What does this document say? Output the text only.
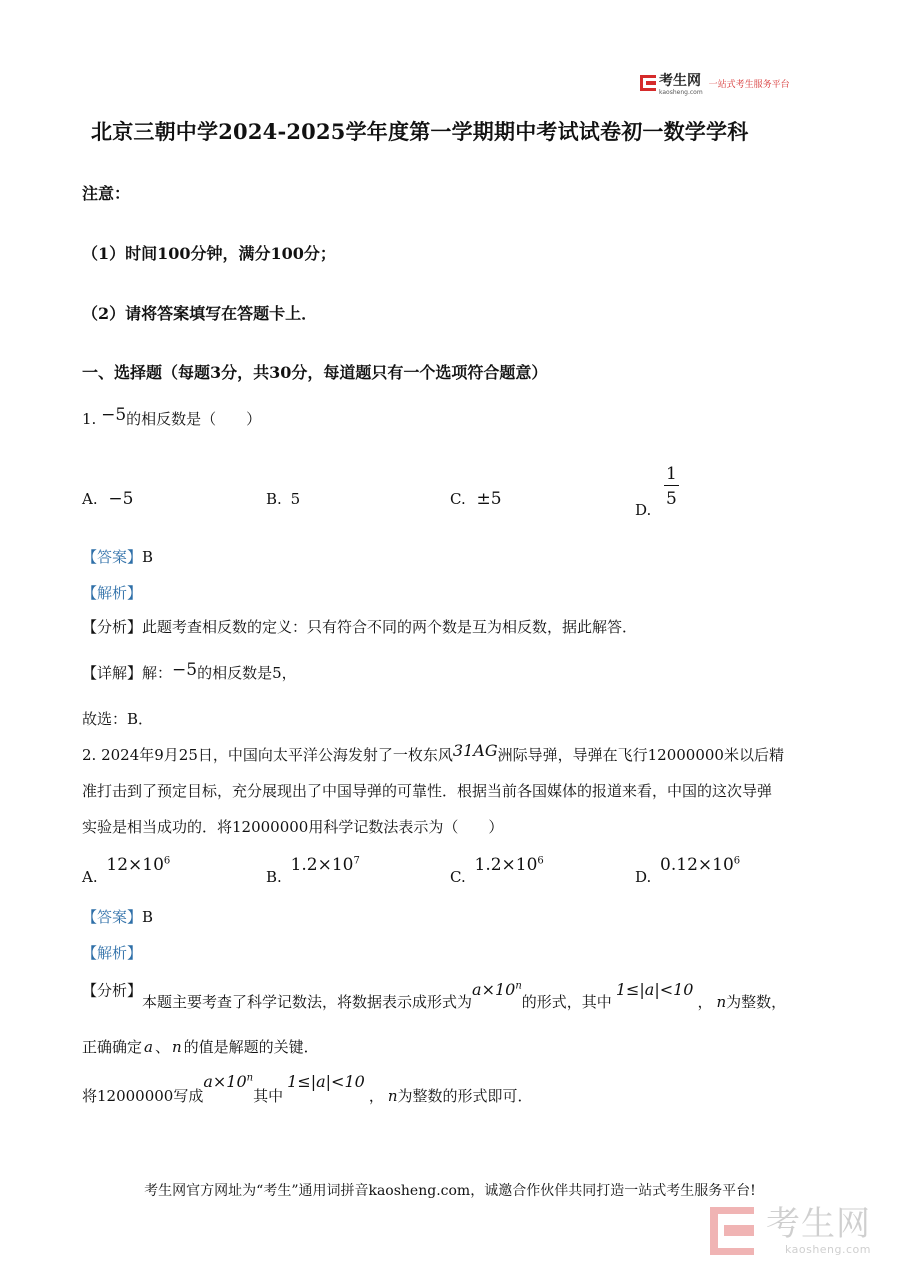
考生网
kaosheng.com
一站式考生服务平台
北京三朝中学2024-2025学年度第一学期期中考试试卷初一数学学科
注意：
（1）时间100分钟，满分100分；
（2）请将答案填写在答题卡上．
一、选择题（每题3分，共30分，每道题只有一个选项符合题意）
1. −5的相反数是（　　）
A. −5	B. 5	C. ±5
D.
$\frac{1}{5}$
【答案】B
【解析】
【分析】此题考查相反数的定义：只有符合不同的两个数是互为相反数，据此解答．
【详解】解：−5的相反数是5，
故选：B．
2. 2024年9月25日，中国向太平洋公海发射了一枚东风31AG洲际导弹，导弹在飞行12000000米以后精
准打击到了预定目标，充分展现出了中国导弹的可靠性．根据当前各国媒体的报道来看，中国的这次导弹
实验是相当成功的．将12000000用科学记数法表示为（　　）
A. $12\times 10^6$
B. $1.2\times 10^7$
C. $1.2\times 10^6$
D. $0.12\times 10^6$
【答案】B
【解析】
【分析】本题主要考查了科学记数法，将数据表示成形式为$a\times 10^n$的形式，其中1≤|a|<10， n为整数，
正确确定 a 、 n 的值是解题的关键．
将12000000写成$a\times 10^n$其中1≤|a|<10， n为整数的形式即可．
考生网官方网址为“考生”通用词拼音kaosheng.com，诚邀合作伙伴共同打造一站式考生服务平台!
考生网
kaosheng.com
